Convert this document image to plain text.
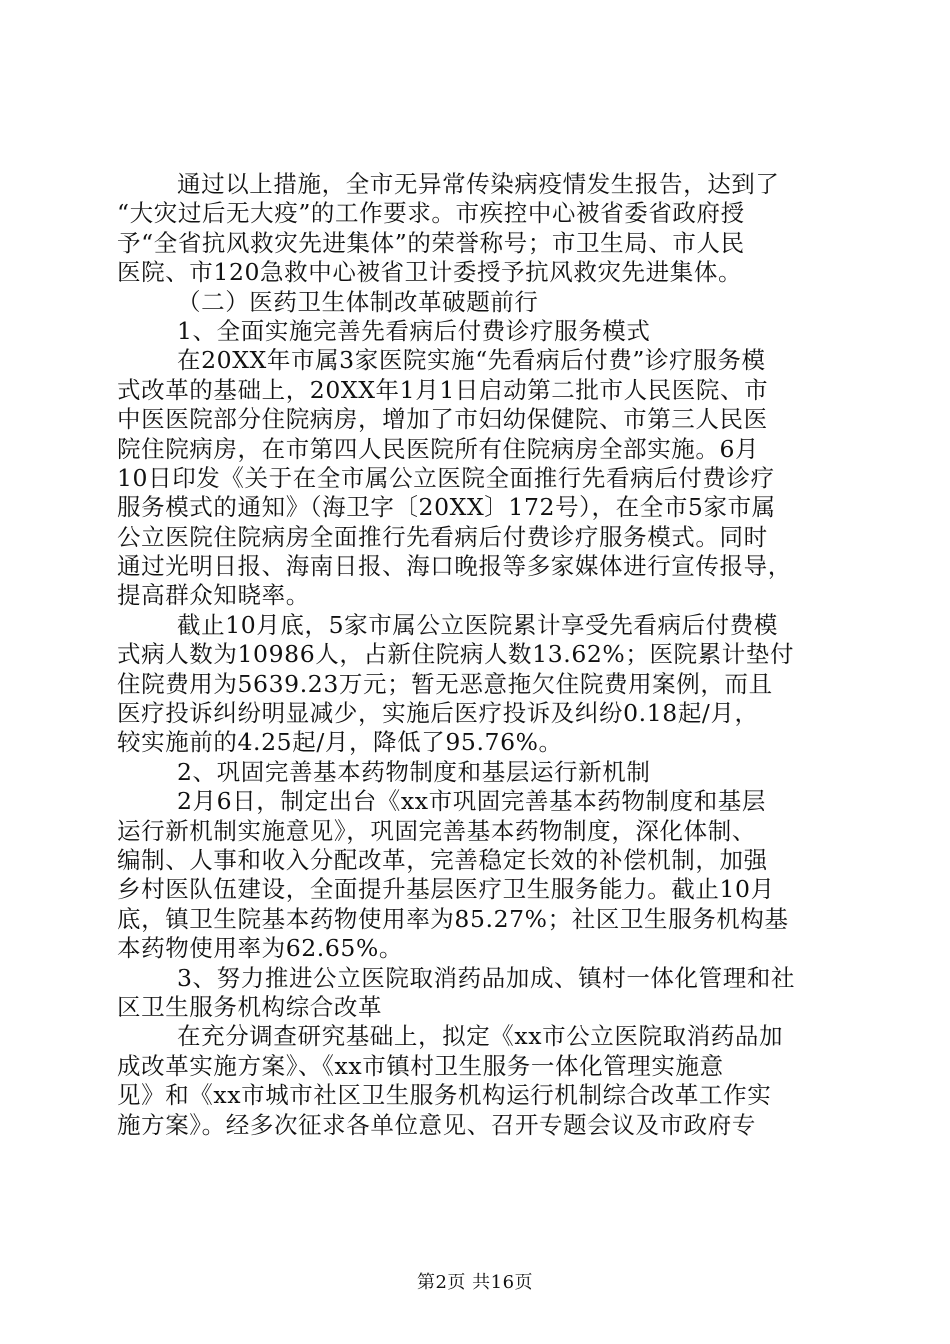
通过以上措施，全市无异常传染病疫情发生报告，达到了
“大灾过后无大疫”的工作要求。市疾控中心被省委省政府授
予“全省抗风救灾先进集体”的荣誉称号；市卫生局、市人民
医院、市120急救中心被省卫计委授予抗风救灾先进集体。
（二）医药卫生体制改革破题前行
1、全面实施完善先看病后付费诊疗服务模式
在20XX年市属3家医院实施“先看病后付费”诊疗服务模
式改革的基础上，20XX年1月1日启动第二批市人民医院、市
中医医院部分住院病房，增加了市妇幼保健院、市第三人民医
院住院病房，在市第四人民医院所有住院病房全部实施。6月
10日印发《关于在全市属公立医院全面推行先看病后付费诊疗
服务模式的通知》（海卫字〔20XX〕172号），在全市5家市属
公立医院住院病房全面推行先看病后付费诊疗服务模式。同时
通过光明日报、海南日报、海口晚报等多家媒体进行宣传报导，
提高群众知晓率。
截止10月底，5家市属公立医院累计享受先看病后付费模
式病人数为10986人，占新住院病人数13.62%；医院累计垫付
住院费用为5639.23万元；暂无恶意拖欠住院费用案例，而且
医疗投诉纠纷明显减少，实施后医疗投诉及纠纷0.18起/月，
较实施前的4.25起/月，降低了95.76%。
2、巩固完善基本药物制度和基层运行新机制
2月6日，制定出台《xx市巩固完善基本药物制度和基层
运行新机制实施意见》，巩固完善基本药物制度，深化体制、
编制、人事和收入分配改革，完善稳定长效的补偿机制，加强
乡村医队伍建设，全面提升基层医疗卫生服务能力。截止10月
底，镇卫生院基本药物使用率为85.27%；社区卫生服务机构基
本药物使用率为62.65%。
3、努力推进公立医院取消药品加成、镇村一体化管理和社
区卫生服务机构综合改革
在充分调查研究基础上，拟定《xx市公立医院取消药品加
成改革实施方案》、《xx市镇村卫生服务一体化管理实施意
见》和《xx市城市社区卫生服务机构运行机制综合改革工作实
施方案》。经多次征求各单位意见、召开专题会议及市政府专
第2页 共16页
